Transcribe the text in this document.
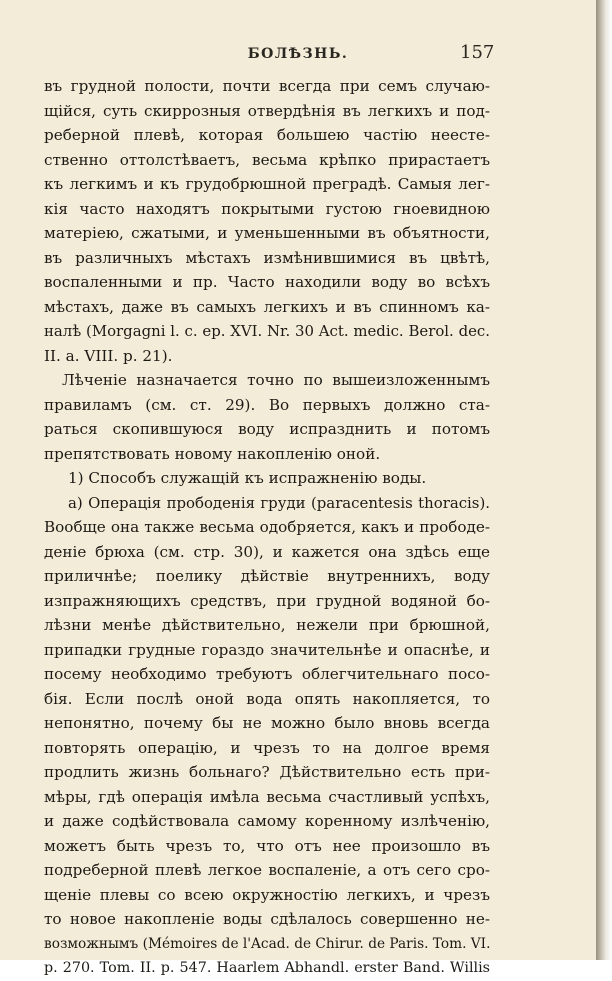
БОЛѢЗНЬ.	157
въ грудной полости, почти всегда при семъ случаю-
щійся, суть скиррозныя отвердѣнія въ легкихъ и под-
реберной плевѣ, которая большею частію неесте-
ственно оттолстѣваетъ, весьма крѣпко прирастаетъ
къ легкимъ и къ грудобрюшной преградѣ. Самыя лег-
кія часто находятъ покрытыми густою гноевидною
матеріею, сжатыми, и уменьшенными въ объятности,
въ различныхъ мѣстахъ измѣнившимися въ цвѣтѣ,
воспаленными и пр. Часто находили воду во всѣхъ
мѣстахъ, даже въ самыхъ легкихъ и въ спинномъ ка-
налѣ (Morgagni l. c. ep. XVI. Nr. 30 Act. medic. Berol. dec.
II. a. VIII. p. 21).
Лѣченіе назначается точно по вышеизложеннымъ
правиламъ (см. ст. 29). Во первыхъ должно ста-
раться скопившуюся воду испразднить и потомъ
препятствовать новому накопленію оной.
1) Способъ служащій къ испражненію воды.
a) Операція прободенія груди (paracentesis thoracis).
Вообще она также весьма одобряется, какъ и прободе-
деніе брюха (см. стр. 30), и кажется она здѣсь еще
приличнѣе; поелику дѣйствіе внутреннихъ, воду
изпражняющихъ средствъ, при грудной водяной бо-
лѣзни менѣе дѣйствительно, нежели при брюшной,
припадки грудные гораздо значительнѣе и опаснѣе, и
посему необходимо требуютъ облегчительнаго посо-
бія. Если послѣ оной вода опять накопляется, то
непонятно, почему бы не можно было вновь всегда
повторять операцію, и чрезъ то на долгое время
продлить жизнь больнаго? Дѣйствительно есть при-
мѣры, гдѣ операція имѣла весьма счастливый успѣхъ,
и даже содѣйствовала самому коренному излѣченію,
можетъ быть чрезъ то, что отъ нее произошло въ
подреберной плевѣ легкое воспаленіе, а отъ сего сро-
щеніе плевы со всею окружностію легкихъ, и чрезъ
то новое накопленіе воды сдѣлалось совершенно не-
возможнымъ (Mémoires de l'Acad. de Chirur. de Paris. Tom. VI.
p. 270. Tom. II. p. 547. Haarlem Abhandl. erster Band. Willis
